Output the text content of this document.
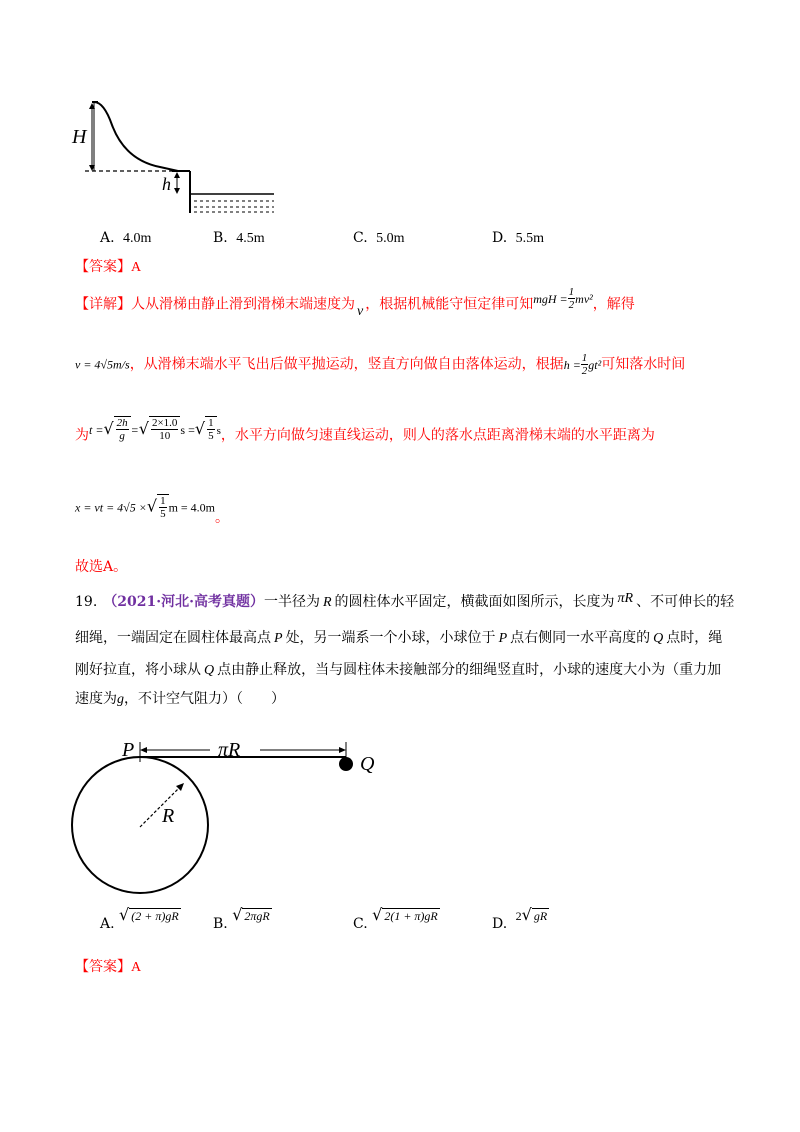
H
h
A. 4.0m	B. 4.5m	C. 5.0m	D. 5.5m
【答案】A
【详解】人从滑梯由静止滑到滑梯末端速度为 v ，根据机械能守恒定律可知mgH = $\frac{1}{2} mv^2$，解得
v = 4√5m/s，从滑梯末端水平飞出后做平抛运动，竖直方向做自由落体运动，根据$h = \frac{1}{2} gt^2$可知落水时间
为t =√ $\frac{2h}{g}$ =√ $\frac{2\times 1.0}{10}$ s =√ $\frac{1}{5}$ s，水平方向做匀速直线运动，则人的落水点距离滑梯末端的水平距离为
x = vt = 4√5 ×√ $\frac{1}{5}$ m = 4.0m。
故选A。
19. （2021·河北·高考真题）一半径为 R 的圆柱体水平固定，横截面如图所示，长度为 πR 、不可伸长的轻
细绳，一端固定在圆柱体最高点 P 处，另一端系一个小球，小球位于 P 点右侧同一水平高度的 Q 点时，绳
刚好拉直，将小球从 Q 点由静止释放，当与圆柱体未接触部分的细绳竖直时，小球的速度大小为（重力加
速度为g，不计空气阻力）（　　）
P	πR
Q
R
A. √ (2 + π)gR B. √ 2πgR	C. √ 2(1 + π)gR	D. 2√ gR
【答案】A
